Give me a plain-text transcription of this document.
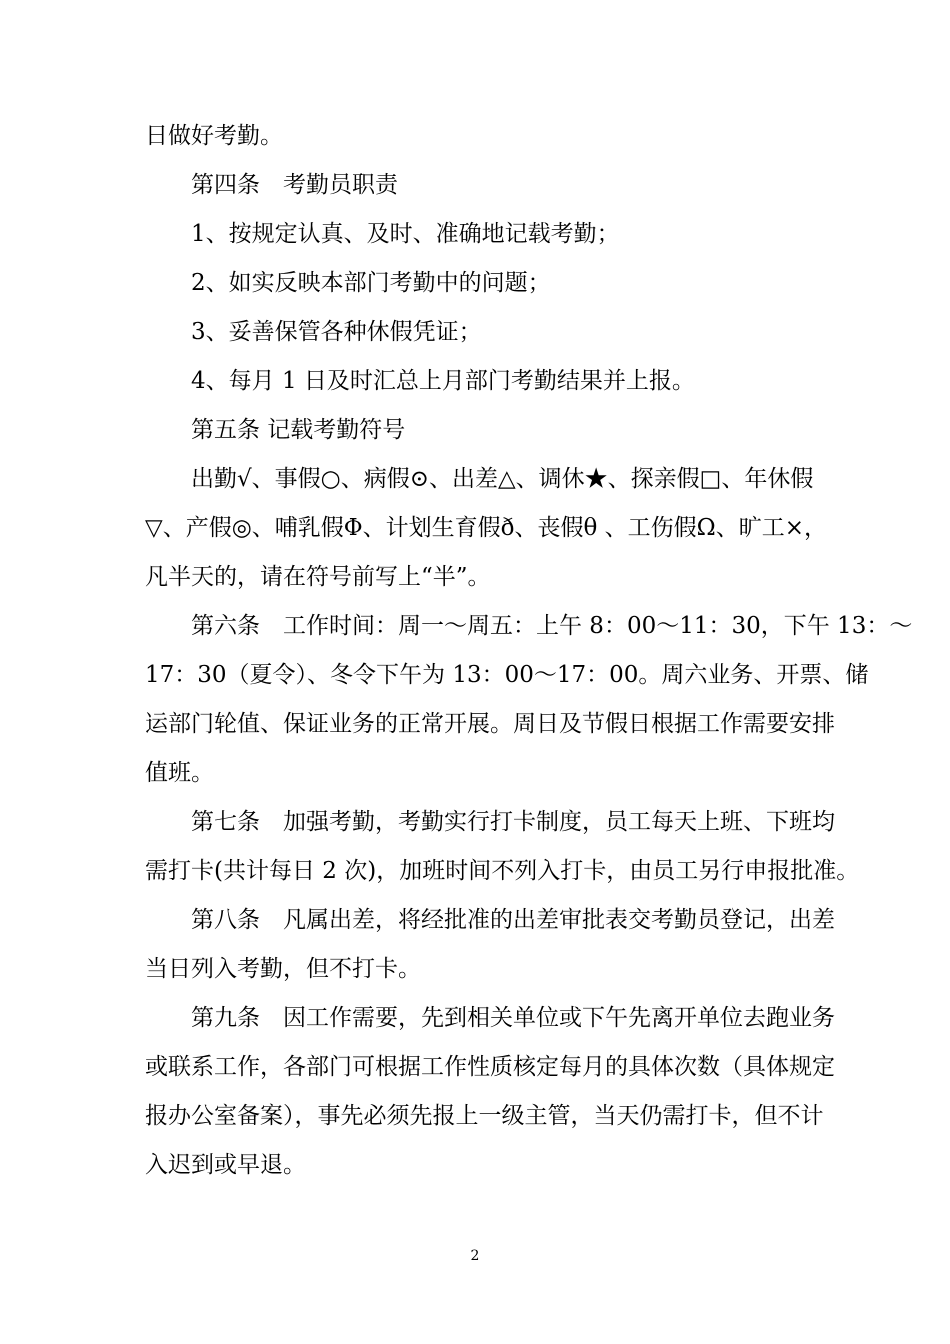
日做好考勤。
第四条　考勤员职责
1、按规定认真、及时、准确地记载考勤；
2、如实反映本部门考勤中的问题；
3、妥善保管各种休假凭证；
4、每月 1 日及时汇总上月部门考勤结果并上报。
第五条 记载考勤符号
出勤√、事假○、病假⊙、出差△、调休★、探亲假□、年休假
▽、产假◎、哺乳假Φ、计划生育假ð、丧假θ 、工伤假Ω、旷工×，
凡半天的，请在符号前写上“半”。
第六条　工作时间：周一～周五：上午 8：00～11：30，下午 13：～
17：30（夏令）、冬令下午为 13：00～17：00。周六业务、开票、储
运部门轮值、保证业务的正常开展。周日及节假日根据工作需要安排
值班。
第七条　加强考勤，考勤实行打卡制度，员工每天上班、下班均
需打卡(共计每日 2 次)，加班时间不列入打卡，由员工另行申报批准。
第八条　凡属出差，将经批准的出差审批表交考勤员登记，出差
当日列入考勤，但不打卡。
第九条　因工作需要，先到相关单位或下午先离开单位去跑业务
或联系工作，各部门可根据工作性质核定每月的具体次数（具体规定
报办公室备案），事先必须先报上一级主管，当天仍需打卡，但不计
入迟到或早退。
2
